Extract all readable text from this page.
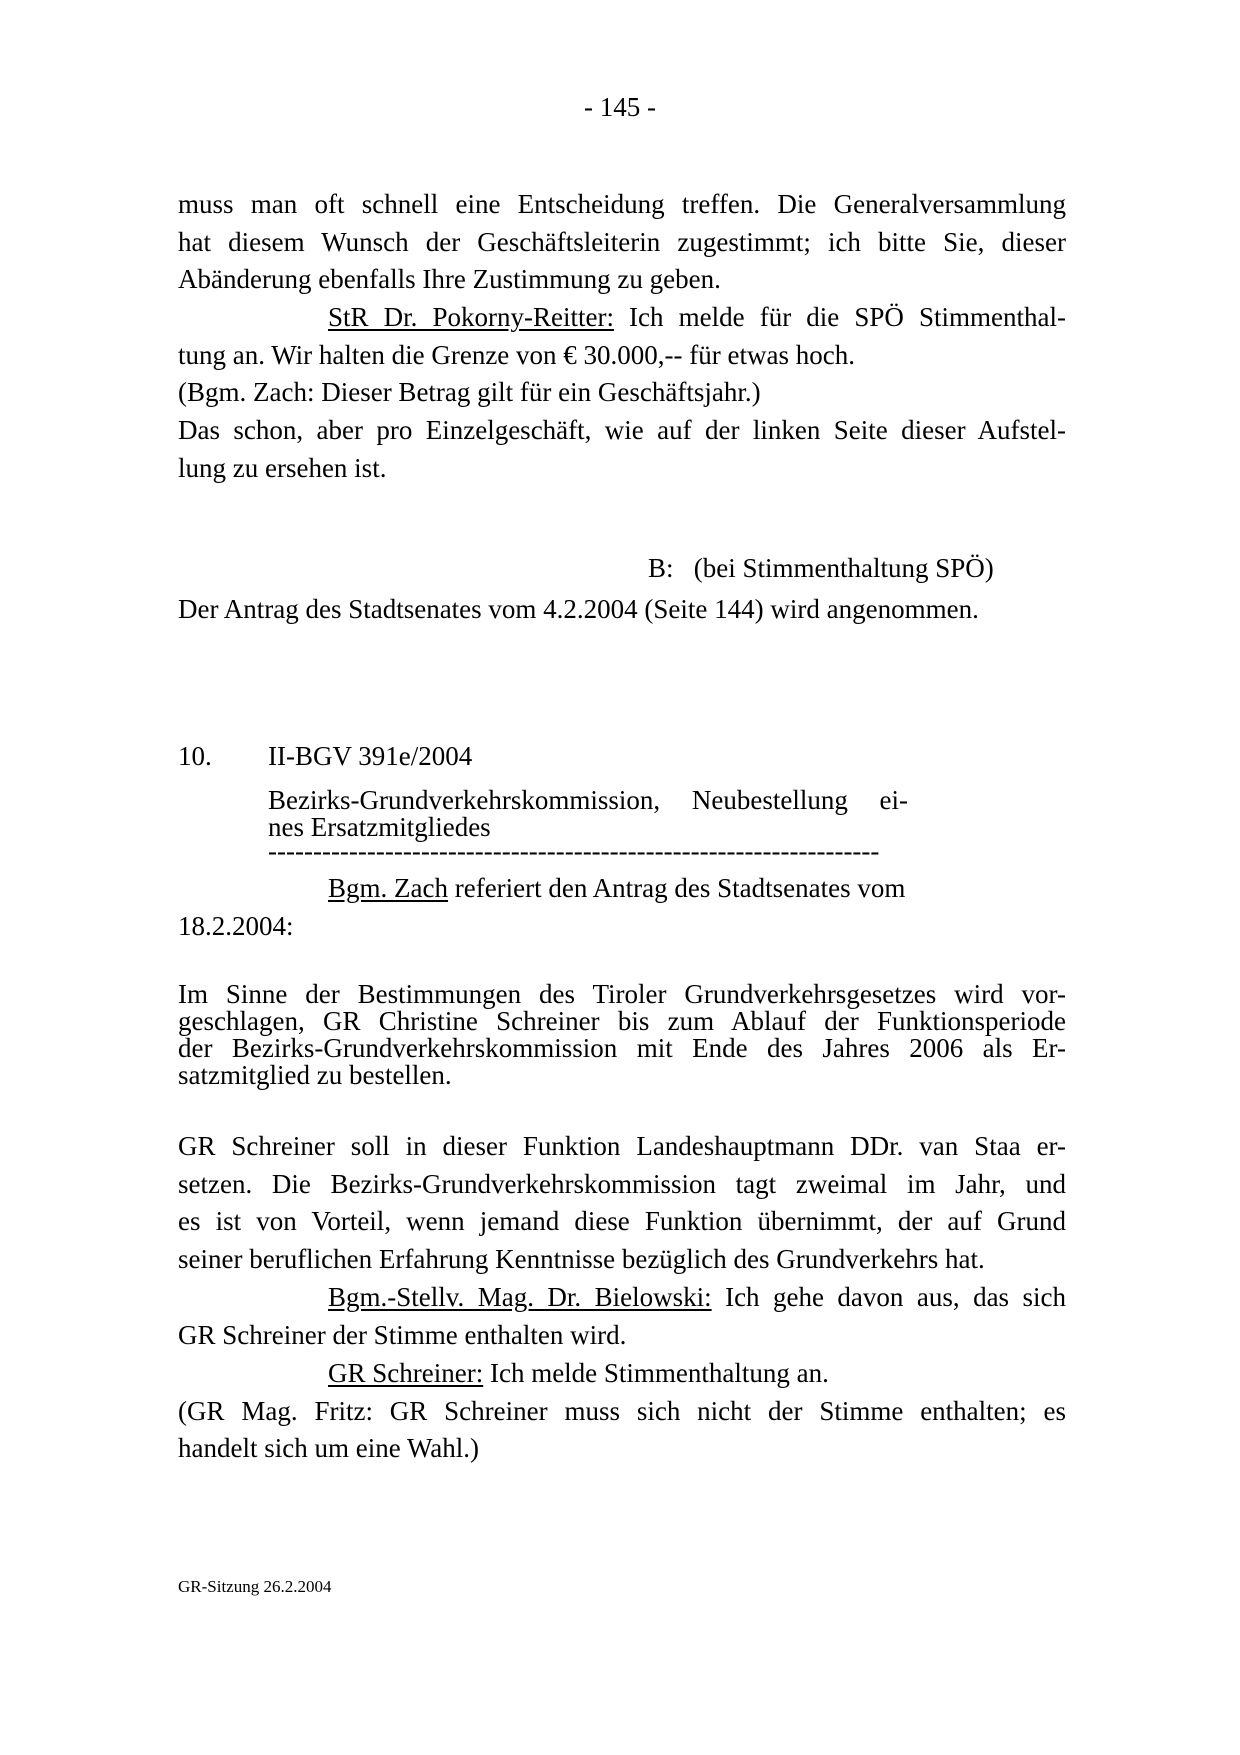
- 145 -
muss man oft schnell eine Entscheidung treffen. Die Generalversammlung
hat diesem Wunsch der Geschäftsleiterin zugestimmt; ich bitte Sie, dieser
Abänderung ebenfalls Ihre Zustimmung zu geben.
StR Dr. Pokorny-Reitter: Ich melde für die SPÖ Stimmenthal-
tung an. Wir halten die Grenze von € 30.000,-- für etwas hoch.
(Bgm. Zach: Dieser Betrag gilt für ein Geschäftsjahr.)
Das schon, aber pro Einzelgeschäft, wie auf der linken Seite dieser Aufstel-
lung zu ersehen ist.
B:   (bei Stimmenthaltung SPÖ)
Der Antrag des Stadtsenates vom 4.2.2004 (Seite 144) wird angenommen.
10. II-BGV 391e/2004
Bezirks-Grundverkehrskommission, Neubestellung ei-
nes Ersatzmitgliedes
--------------------------------------------------------------------
Bgm. Zach referiert den Antrag des Stadtsenates vom
18.2.2004:
Im Sinne der Bestimmungen des Tiroler Grundverkehrsgesetzes wird vor-
geschlagen, GR Christine Schreiner bis zum Ablauf der Funktionsperiode
der Bezirks-Grundverkehrskommission mit Ende des Jahres 2006 als Er-
satzmitglied zu bestellen.
GR Schreiner soll in dieser Funktion Landeshauptmann DDr. van Staa er-
setzen. Die Bezirks-Grundverkehrskommission tagt zweimal im Jahr, und
es ist von Vorteil, wenn jemand diese Funktion übernimmt, der auf Grund
seiner beruflichen Erfahrung Kenntnisse bezüglich des Grundverkehrs hat.
Bgm.-Stellv. Mag. Dr. Bielowski: Ich gehe davon aus, das sich
GR Schreiner der Stimme enthalten wird.
GR Schreiner: Ich melde Stimmenthaltung an.
(GR Mag. Fritz: GR Schreiner muss sich nicht der Stimme enthalten; es
handelt sich um eine Wahl.)
GR-Sitzung 26.2.2004
